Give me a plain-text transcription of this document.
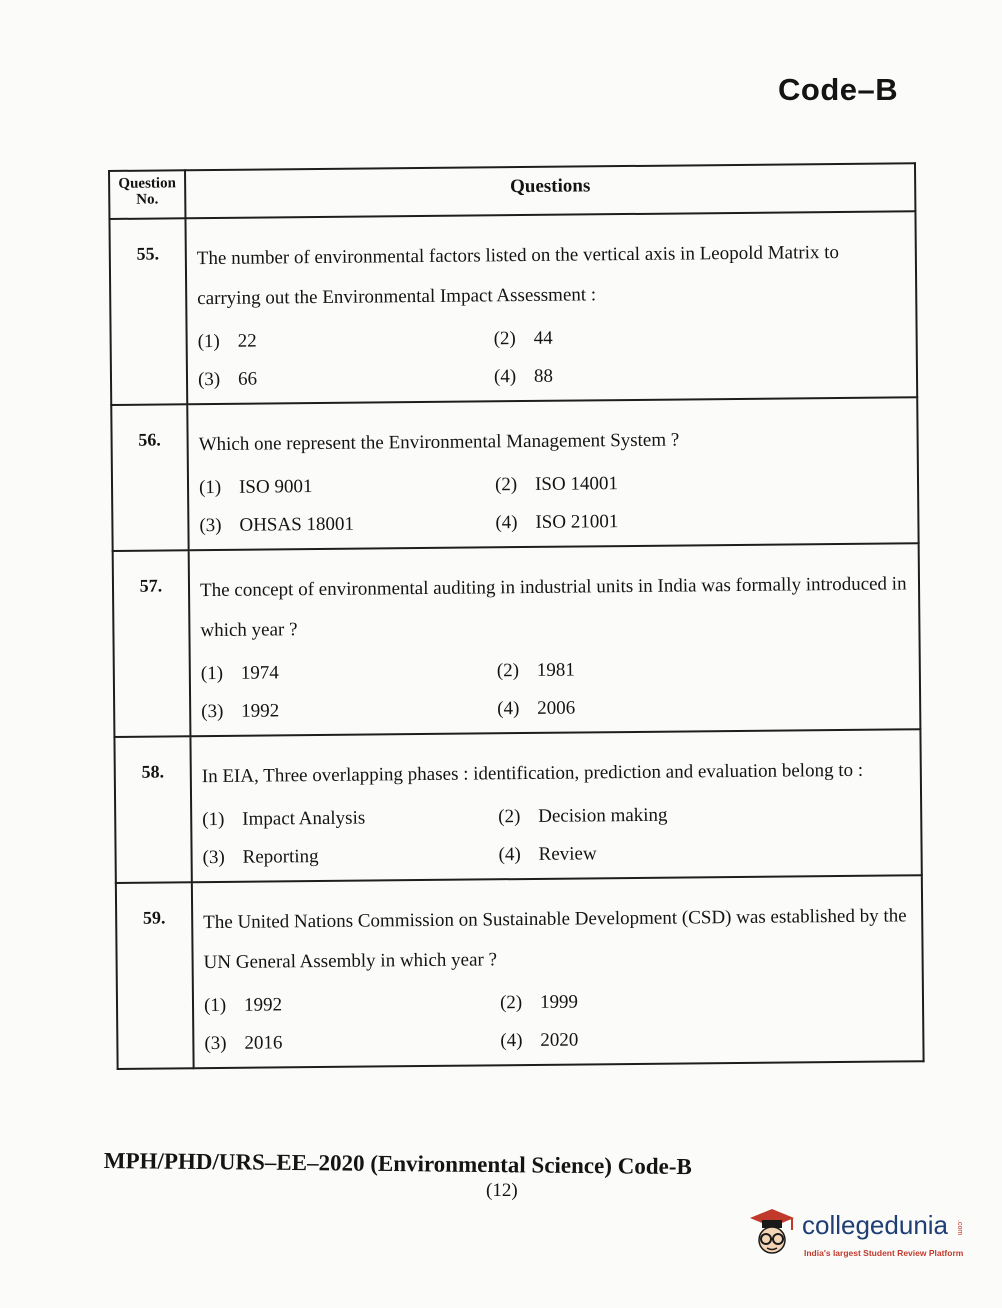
Code–B
Question No.	Questions
55.	The number of environmental factors listed on the vertical axis in Leopold Matrix to carrying out the Environmental Impact Assessment :
(1) 22 (2) 44
(3) 66 (4) 88

56.	Which one represent the Environmental Management System ?
(1) ISO 9001 (2) ISO 14001
(3) OHSAS 18001 (4) ISO 21001

57.	The concept of environmental auditing in industrial units in India was formally introduced in which year ?
(1) 1974 (2) 1981
(3) 1992 (4) 2006

58.	In EIA, Three overlapping phases : identification, prediction and evaluation belong to :
(1) Impact Analysis (2) Decision making
(3) Reporting (4) Review

59.	The United Nations Commission on Sustainable Development (CSD) was established by the UN General Assembly in which year ?
(1) 1992 (2) 1999
(3) 2016 (4) 2020
MPH/PHD/URS–EE–2020 (Environmental Science) Code-B
(12)
collegedunia .com
India's largest Student Review Platform
